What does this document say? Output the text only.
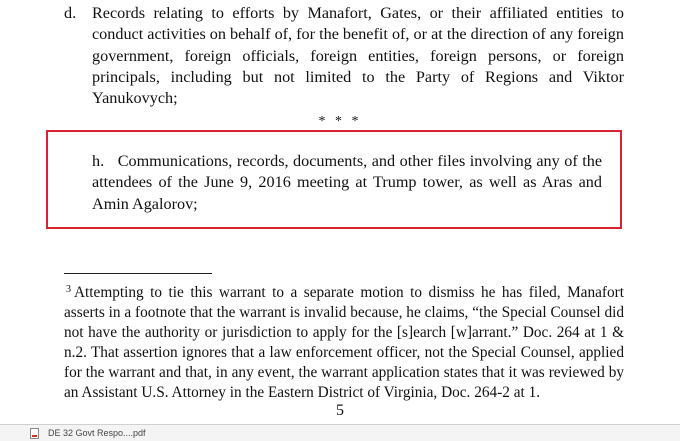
d. Records relating to efforts by Manafort, Gates, or their affiliated entities to conduct activities on behalf of, for the benefit of, or at the direction of any foreign government, foreign officials, foreign entities, foreign persons, or foreign principals, including but not limited to the Party of Regions and Viktor Yanukovych;
* * *
h. Communications, records, documents, and other files involving any of the attendees of the June 9, 2016 meeting at Trump tower, as well as Aras and Amin Agalorov;
$^3$ Attempting to tie this warrant to a separate motion to dismiss he has filed, Manafort asserts in a footnote that the warrant is invalid because, he claims, “the Special Counsel did not have the authority or jurisdiction to apply for the [s]earch [w]arrant.” Doc. 264 at 1 & n.2. That assertion ignores that a law enforcement officer, not the Special Counsel, applied for the warrant and that, in any event, the warrant application states that it was reviewed by an Assistant U.S. Attorney in the Eastern District of Virginia, Doc. 264-2 at 1.
5
DE 32 Govt Respo....pdf
